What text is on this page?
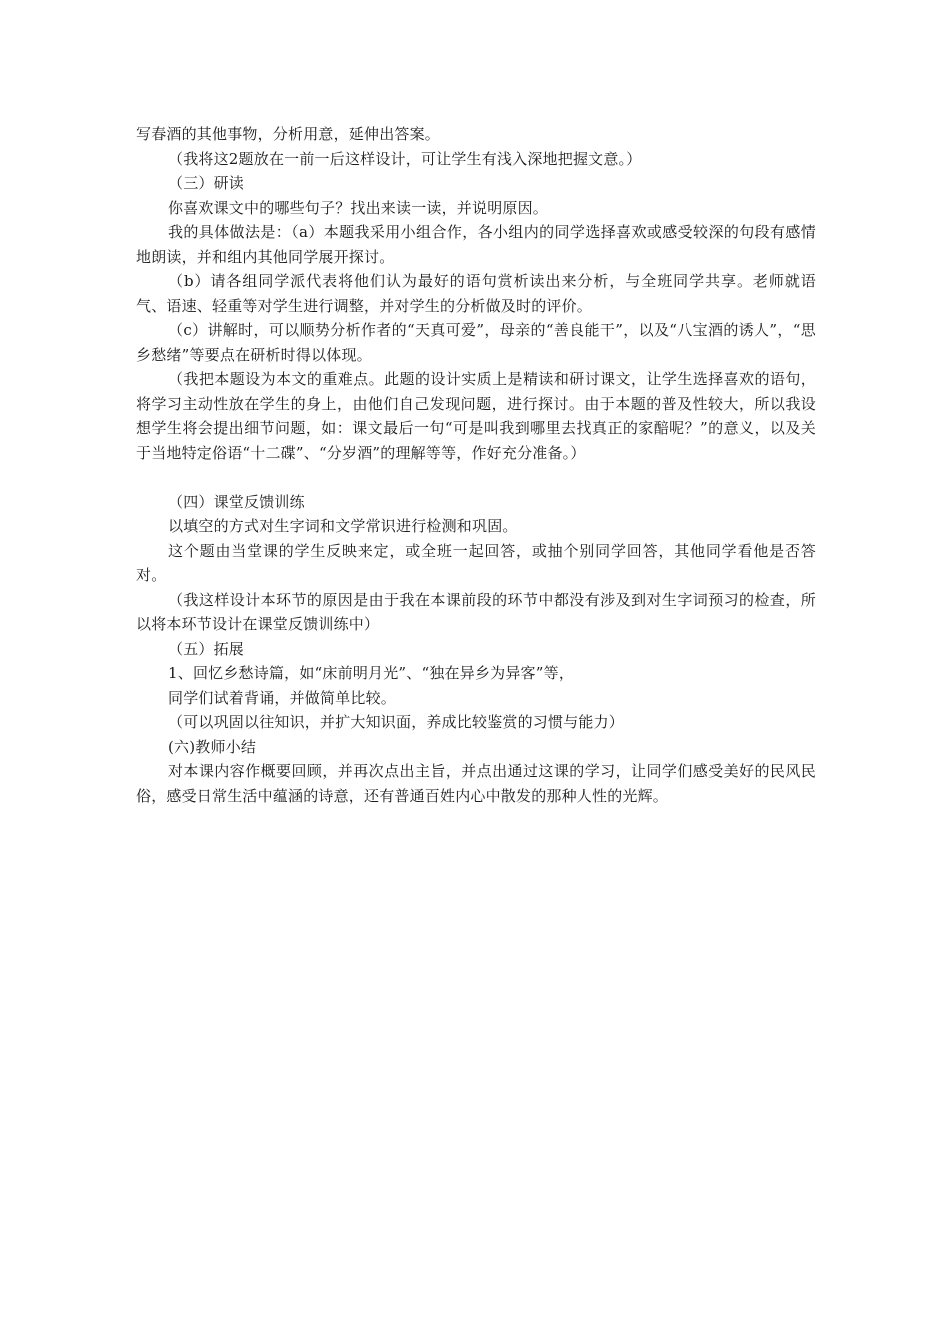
写春酒的其他事物，分析用意，延伸出答案。

（我将这2题放在一前一后这样设计，可让学生有浅入深地把握文意。）

（三）研读

你喜欢课文中的哪些句子？找出来读一读，并说明原因。

我的具体做法是：（a）本题我采用小组合作，各小组内的同学选择喜欢或感受较深的句段有感情地朗读，并和组内其他同学展开探讨。

（b）请各组同学派代表将他们认为最好的语句赏析读出来分析，与全班同学共享。老师就语气、语速、轻重等对学生进行调整，并对学生的分析做及时的评价。

（c）讲解时，可以顺势分析作者的“天真可爱”，母亲的“善良能干”，以及“八宝酒的诱人”，“思乡愁绪”等要点在研析时得以体现。

（我把本题设为本文的重难点。此题的设计实质上是精读和研讨课文，让学生选择喜欢的语句，将学习主动性放在学生的身上，由他们自己发现问题，进行探讨。由于本题的普及性较大，所以我设想学生将会提出细节问题，如：课文最后一句“可是叫我到哪里去找真正的家醅呢？”的意义，以及关于当地特定俗语“十二碟”、“分岁酒”的理解等等，作好充分准备。）

（四）课堂反馈训练

以填空的方式对生字词和文学常识进行检测和巩固。

这个题由当堂课的学生反映来定，或全班一起回答，或抽个别同学回答，其他同学看他是否答对。

（我这样设计本环节的原因是由于我在本课前段的环节中都没有涉及到对生字词预习的检查，所以将本环节设计在课堂反馈训练中）

（五）拓展

1、回忆乡愁诗篇，如“床前明月光”、“独在异乡为异客”等，

同学们试着背诵，并做简单比较。

（可以巩固以往知识，并扩大知识面，养成比较鉴赏的习惯与能力）

(六)教师小结

对本课内容作概要回顾，并再次点出主旨，并点出通过这课的学习，让同学们感受美好的民风民俗，感受日常生活中蕴涵的诗意，还有普通百姓内心中散发的那种人性的光辉。
